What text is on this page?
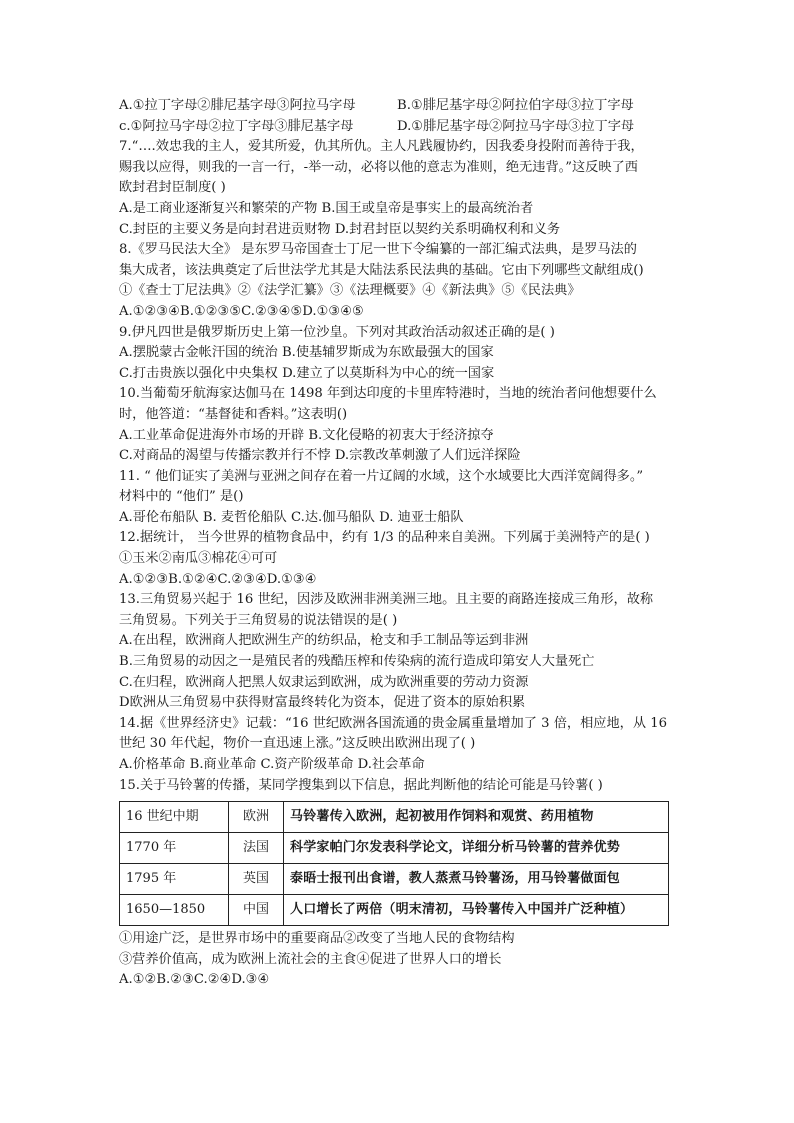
A.①拉丁字母②腓尼基字母③阿拉马字母	B.①腓尼基字母②阿拉伯字母③拉丁字母
c.①阿拉马字母②拉丁字母③腓尼基字母	D.①腓尼基字母②阿拉马字母③拉丁字母
7.“….效忠我的主人，爱其所爱，仇其所仇。主人凡践履协约，因我委身投附而善待于我，
赐我以应得，则我的一言一行，-举一动，必将以他的意志为准则，绝无违背。”这反映了西
欧封君封臣制度( )
A.是工商业逐渐复兴和繁荣的产物 B.国王或皇帝是事实上的最高统治者
C.封臣的主要义务是向封君进贡财物 D.封君封臣以契约关系明确权利和义务
8.《罗马民法大全》 是东罗马帝国查士丁尼一世下令编纂的一部汇编式法典，是罗马法的
集大成者，该法典奠定了后世法学尤其是大陆法系民法典的基础。它由下列哪些文献组成()
①《查士丁尼法典》②《法学汇纂》③《法理概要》④《新法典》⑤《民法典》
A.①②③④B.①②③⑤C.②③④⑤D.①③④⑤
9.伊凡四世是俄罗斯历史上第一位沙皇。下列对其政治活动叙述正确的是( )
A.摆脱蒙古金帐汗国的统治 B.使基辅罗斯成为东欧最强大的国家
C.打击贵族以强化中央集权 D.建立了以莫斯科为中心的统一国家
10.当葡萄牙航海家达伽马在 1498 年到达印度的卡里库特港时，当地的统治者问他想要什么
时，他答道：“基督徒和香料。”这表明()
A.工业革命促进海外市场的开辟 B.文化侵略的初衷大于经济掠夺
C.对商品的渴望与传播宗教并行不悖 D.宗教改革刺激了人们远洋探险
11. “ 他们证实了美洲与亚洲之间存在着一片辽阔的水域，这个水域要比大西洋宽阔得多。”
材料中的 “他们” 是()
A.哥伦布船队 B. 麦哲伦船队 C.达.伽马船队 D. 迪亚士船队
12.据统计， 当今世界的植物食品中，约有 1/3 的品种来自美洲。下列属于美洲特产的是( )
①玉米②南瓜③棉花④可可
A.①②③B.①②④C.②③④D.①③④
13.三角贸易兴起于 16 世纪，因涉及欧洲非洲美洲三地。且主要的商路连接成三角形，故称
三角贸易。下列关于三角贸易的说法错误的是( )
A.在出程，欧洲商人把欧洲生产的纺织品，枪支和手工制品等运到非洲
B.三角贸易的动因之一是殖民者的残酷压榨和传染病的流行造成印第安人大量死亡
C.在归程，欧洲商人把黑人奴隶运到欧洲，成为欧洲重要的劳动力资源
D欧洲从三角贸易中获得财富最终转化为资本，促进了资本的原始积累
14.据《世界经济史》记载：“16 世纪欧洲各国流通的贵金属重量增加了 3 倍，相应地，从 16
世纪 30 年代起，物价一直迅速上涨。”这反映出欧洲出现了( )
A.价格革命 B.商业革命 C.资产阶级革命 D.社会革命
15.关于马铃薯的传播，某同学搜集到以下信息，据此判断他的结论可能是马铃薯( )
16 世纪中期	欧洲	马铃薯传入欧洲，起初被用作饲料和观赏、药用植物
1770 年	法国	科学家帕门尔发表科学论文，详细分析马铃薯的营养优势
1795 年	英国	泰晤士报刊出食谱，教人蒸煮马铃薯汤，用马铃薯做面包
1650—1850	中国	人口增长了两倍（明末清初，马铃薯传入中国并广泛种植）
①用途广泛，是世界市场中的重要商品②改变了当地人民的食物结构
③营养价值高，成为欧洲上流社会的主食④促进了世界人口的增长
A.①②B.②③C.②④D.③④
